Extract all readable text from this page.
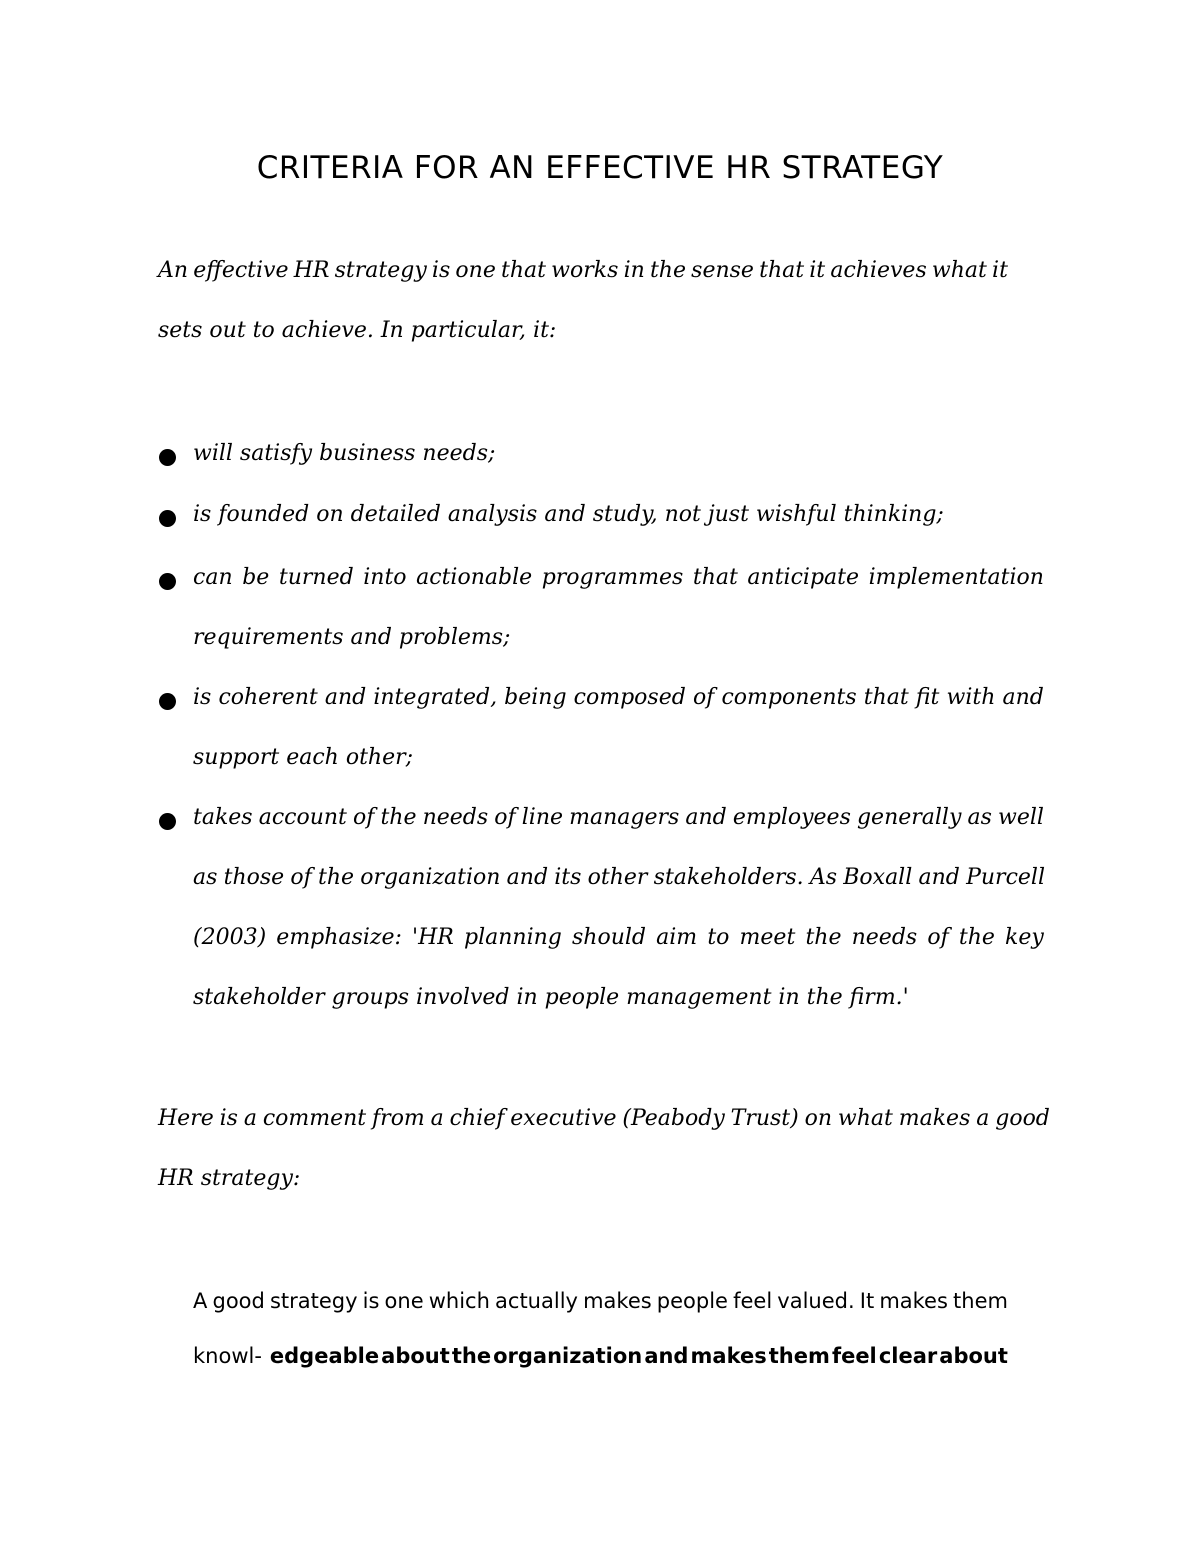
CRITERIA FOR AN EFFECTIVE HR STRATEGY
An effective HR strategy is one that works in the sense that it achieves what it
sets out to achieve. In particular, it:
will satisfy business needs;
is founded on detailed analysis and study, not just wishful thinking;
can be turned into actionable programmes that anticipate implementation
requirements and problems;
is coherent and integrated, being composed of components that fit with and
support each other;
takes account of the needs of line managers and employees generally as well
as those of the organization and its other stakeholders. As Boxall and Purcell
(2003) emphasize: 'HR planning should aim to meet the needs of the key
stakeholder groups involved in people management in the firm.'
Here is a comment from a chief executive (Peabody Trust) on what makes a good
HR strategy:
A good strategy is one which actually makes people feel valued. It makes them
knowl- edgeable about the organization and makes them feel clear about
